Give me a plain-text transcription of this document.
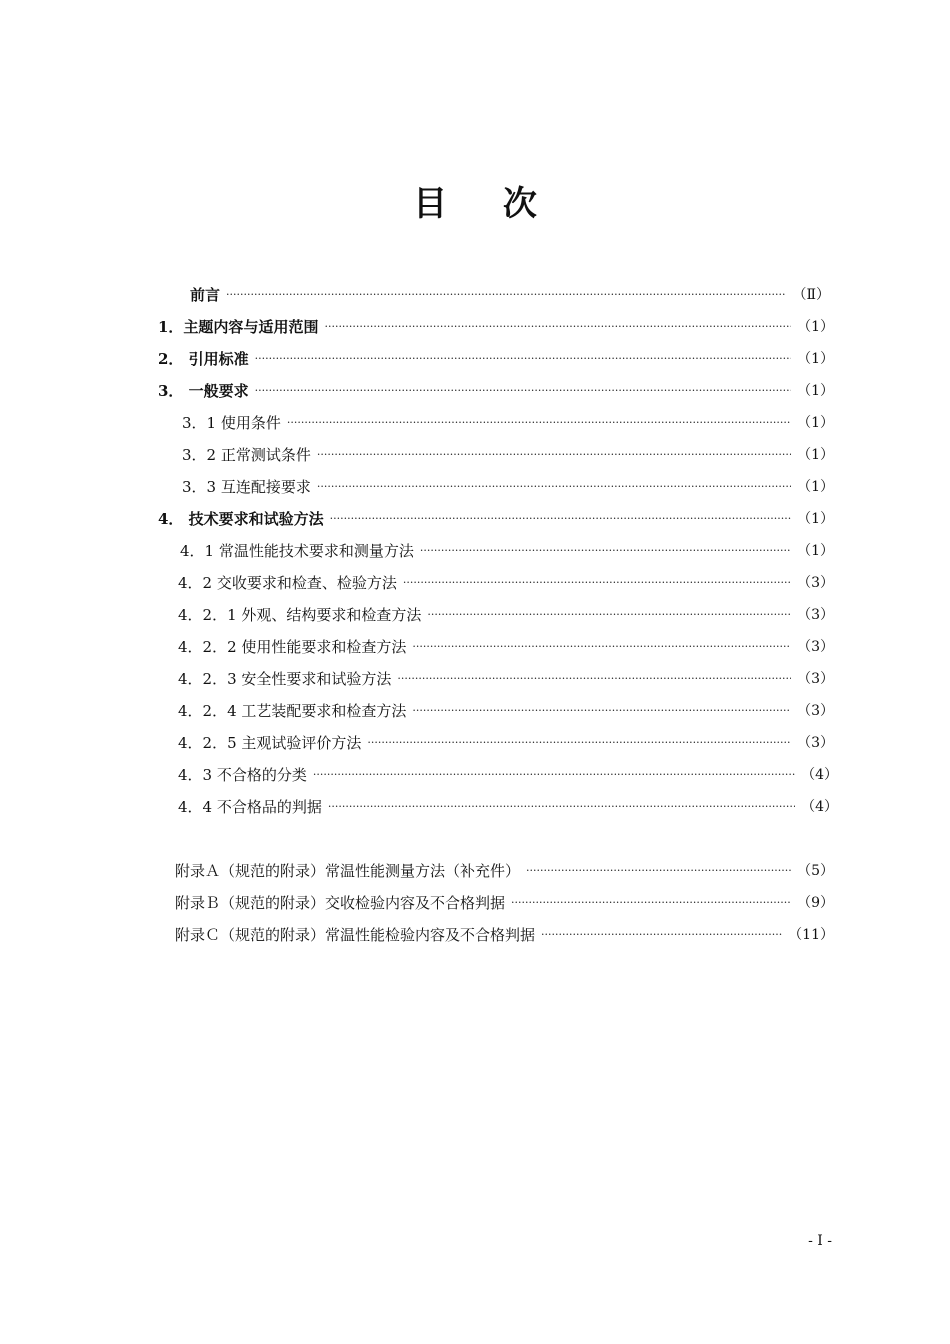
目 次
前言 ·····	（Ⅱ）
1．主题内容与适用范围 ·····	（1）
2． 引用标准 ·····	（1）
3． 一般要求 ·····	（1）
3．1 使用条件 ·····	（1）
3．2 正常测试条件 ·····	（1）
3．3 互连配接要求 ·····	（1）
4． 技术要求和试验方法 ·····	（1）
4．1 常温性能技术要求和测量方法 ·····	（1）
4．2 交收要求和检查、检验方法 ·····	（3）
4．2．1 外观、结构要求和检查方法 ·····	（3）
4．2．2 使用性能要求和检查方法 ·····	（3）
4．2．3 安全性要求和试验方法 ·····	（3）
4．2．4 工艺装配要求和检查方法 ·····	（3）
4．2．5 主观试验评价方法 ·····	（3）
4．3 不合格的分类 ·····	（4）
4．4 不合格品的判据 ·····	（4）
附录Ａ（规范的附录）常温性能测量方法（补充件） ·····	（5）
附录Ｂ（规范的附录）交收检验内容及不合格判据 ·····	（9）
附录Ｃ（规范的附录）常温性能检验内容及不合格判据 ·····	（11）
- I -
